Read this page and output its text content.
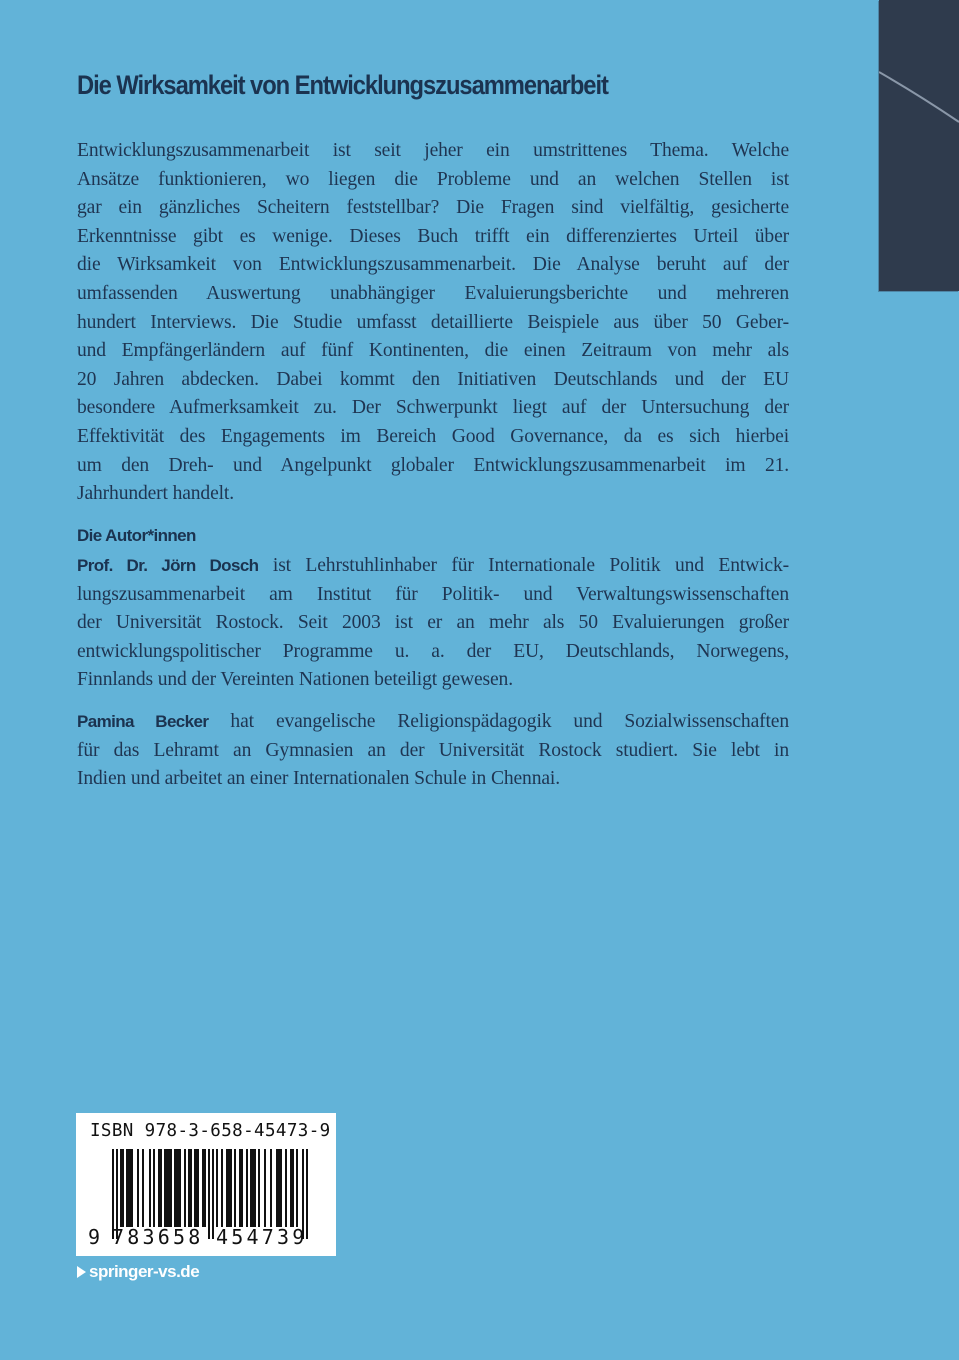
Die Wirksamkeit von Entwicklungszusammenarbeit
Entwicklungszusammenarbeit ist seit jeher ein umstrittenes Thema. Welche
Ansätze funktionieren, wo liegen die Probleme und an welchen Stellen ist
gar ein gänzliches Scheitern feststellbar? Die Fragen sind vielfältig, gesicherte
Erkenntnisse gibt es wenige. Dieses Buch trifft ein differenziertes Urteil über
die Wirksamkeit von Entwicklungszusammenarbeit. Die Analyse beruht auf der
umfassenden Auswertung unabhängiger Evaluierungsberichte und mehreren
hundert Interviews. Die Studie umfasst detaillierte Beispiele aus über 50 Geber-
und Empfängerländern auf fünf Kontinenten, die einen Zeitraum von mehr als
20 Jahren abdecken. Dabei kommt den Initiativen Deutschlands und der EU
besondere Aufmerksamkeit zu. Der Schwerpunkt liegt auf der Untersuchung der
Effektivität des Engagements im Bereich Good Governance, da es sich hierbei
um den Dreh- und Angelpunkt globaler Entwicklungszusammenarbeit im 21.
Jahrhundert handelt.
Die Autor*innen
Prof. Dr. Jörn Dosch ist Lehrstuhlinhaber für Internationale Politik und Entwick-
lungszusammenarbeit am Institut für Politik- und Verwaltungswissenschaften
der Universität Rostock. Seit 2003 ist er an mehr als 50 Evaluierungen großer
entwicklungspolitischer Programme u. a. der EU, Deutschlands, Norwegens,
Finnlands und der Vereinten Nationen beteiligt gewesen.
Pamina Becker hat evangelische Religionspädagogik und Sozialwissenschaften
für das Lehramt an Gymnasien an der Universität Rostock studiert. Sie lebt in
Indien und arbeitet an einer Internationalen Schule in Chennai.
ISBN 978-3-658-45473-9
9 783658 454739
springer-vs.de
